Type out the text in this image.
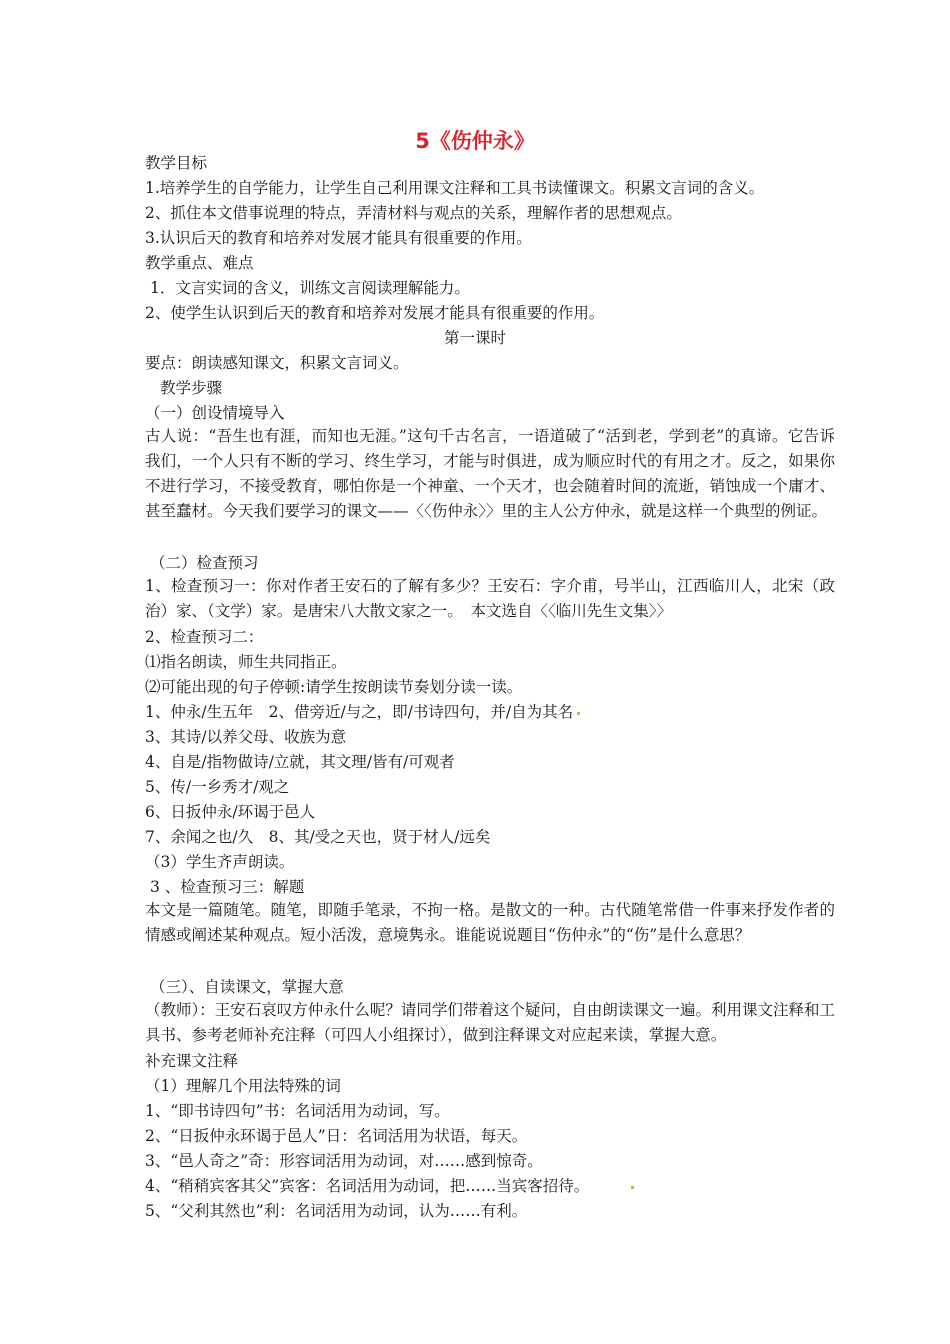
5《伤仲永》
教学目标
1.培养学生的自学能力，让学生自己利用课文注释和工具书读懂课文。积累文言词的含义。
2、抓住本文借事说理的特点，弄清材料与观点的关系，理解作者的思想观点。
3.认识后天的教育和培养对发展才能具有很重要的作用。
教学重点、难点
1．文言实词的含义，训练文言阅读理解能力。
2、使学生认识到后天的教育和培养对发展才能具有很重要的作用。
第一课时
要点：朗读感知课文，积累文言词义。
教学步骤
（一）创设情境导入
古人说：“吾生也有涯，而知也无涯。”这句千古名言，一语道破了“活到老，学到老”的真谛。它告诉我们，一个人只有不断的学习、终生学习，才能与时俱进，成为顺应时代的有用之才。反之，如果你不进行学习，不接受教育，哪怕你是一个神童、一个天才，也会随着时间的流逝，销蚀成一个庸才、甚至蠢材。今天我们要学习的课文——〈〈伤仲永〉〉里的主人公方仲永，就是这样一个典型的例证。
（二）检查预习
1、检查预习一：你对作者王安石的了解有多少？王安石：字介甫，号半山，江西临川人，北宋（政治）家、（文学）家。是唐宋八大散文家之一。　本文选自〈〈临川先生文集〉〉
2、检查预习二：
⑴指名朗读，师生共同指正。
⑵可能出现的句子停顿:请学生按朗读节奏划分读一读。
1、仲永/生五年　2、借旁近/与之，即/书诗四句，并/自为其名
3、其诗/以养父母、收族为意
4、自是/指物做诗/立就，其文理/皆有/可观者
5、传/一乡秀才/观之
6、日扳仲永/环谒于邑人
7、余闻之也/久　8、其/受之天也，贤于材人/远矣
（3）学生齐声朗读。
3 、检查预习三：解题
本文是一篇随笔。随笔，即随手笔录，不拘一格。是散文的一种。古代随笔常借一件事来抒发作者的情感或阐述某种观点。短小活泼，意境隽永。谁能说说题目“伤仲永”的“伤”是什么意思？
（三）、自读课文，掌握大意
（教师）：王安石哀叹方仲永什么呢？请同学们带着这个疑问，自由朗读课文一遍。利用课文注释和工具书、参考老师补充注释（可四人小组探讨），做到注释课文对应起来读，掌握大意。
补充课文注释
（1）理解几个用法特殊的词
1、“即书诗四句”书：名词活用为动词，写。
2、“日扳仲永环谒于邑人”日：名词活用为状语，每天。
3、“邑人奇之”奇：形容词活用为动词，对……感到惊奇。
4、“稍稍宾客其父”宾客：名词活用为动词，把……当宾客招待。
5、“父利其然也”利：名词活用为动词，认为……有利。
